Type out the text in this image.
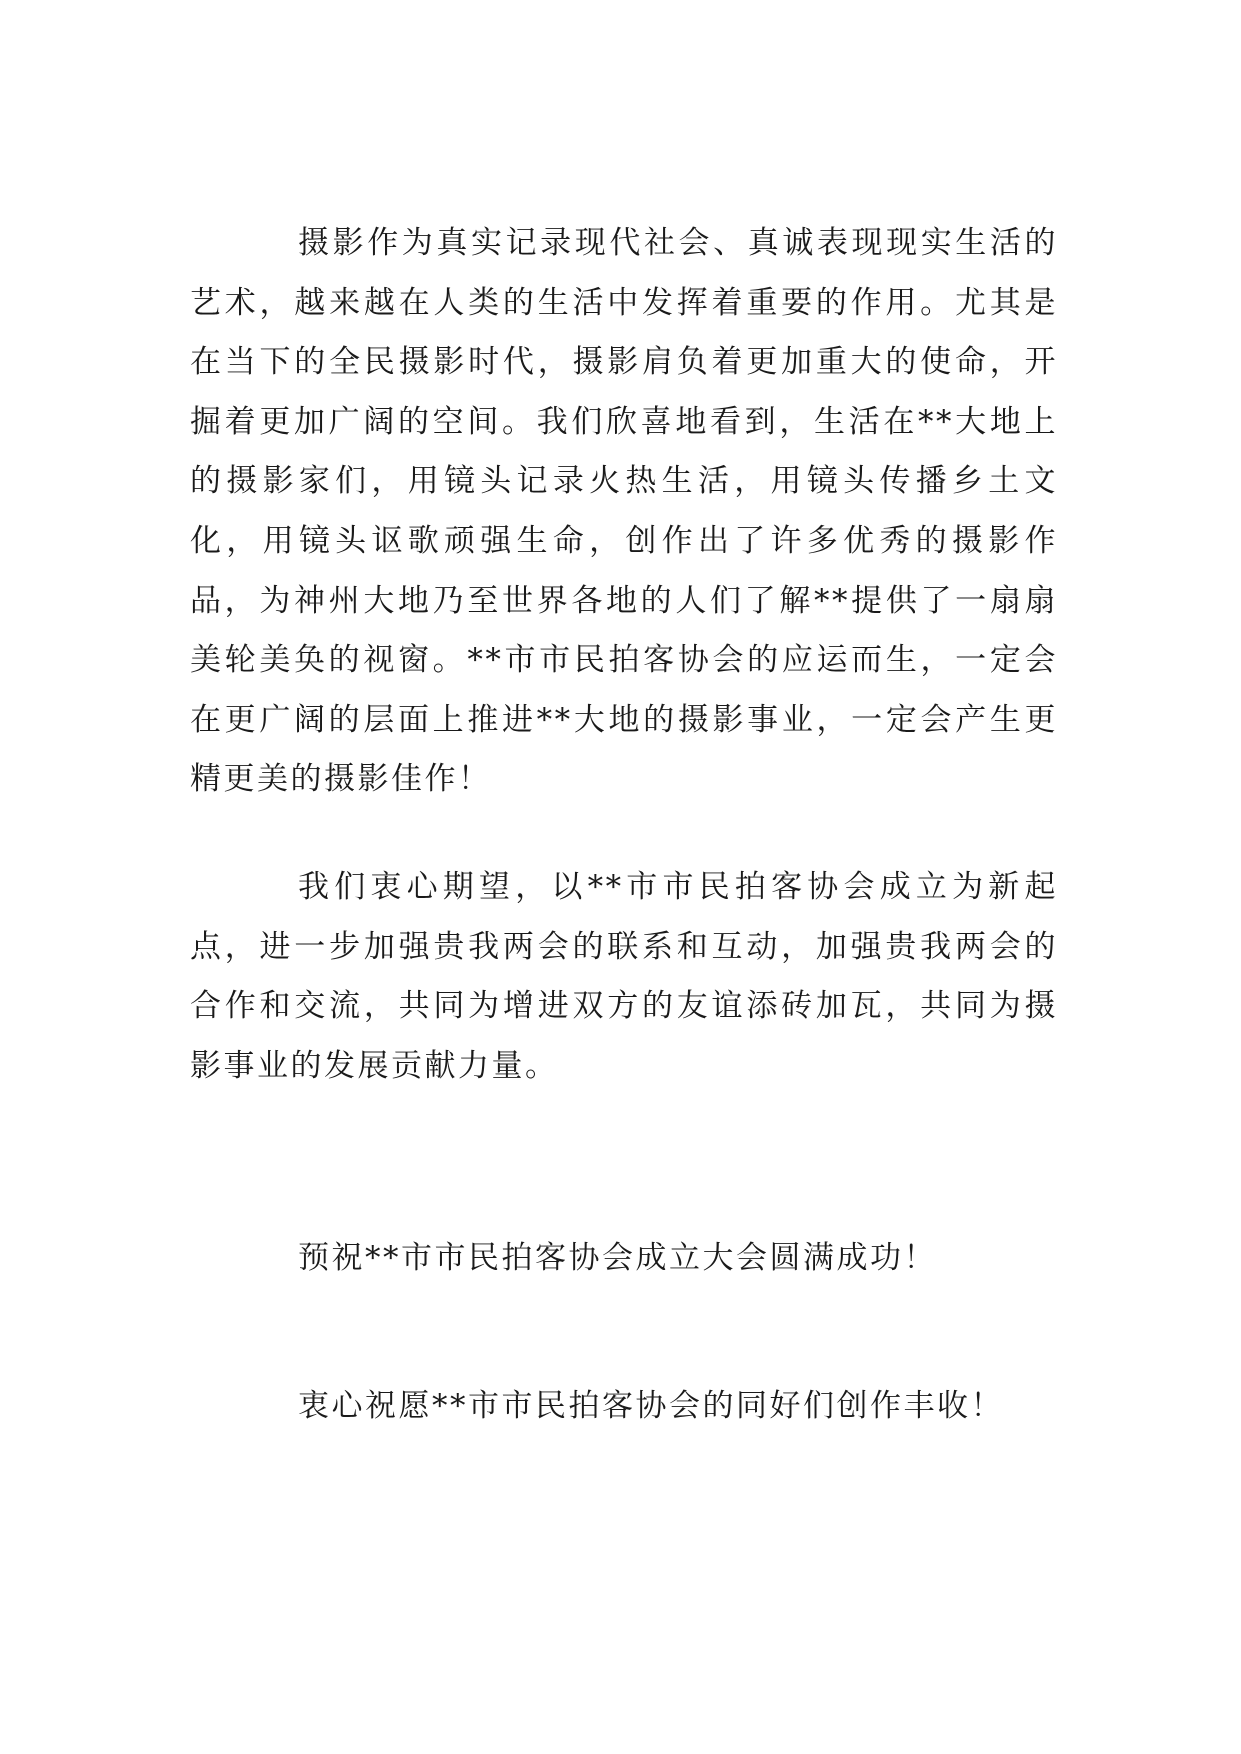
摄影作为真实记录现代社会、真诚表现现实生活的艺术，越来越在人类的生活中发挥着重要的作用。尤其是在当下的全民摄影时代，摄影肩负着更加重大的使命，开掘着更加广阔的空间。我们欣喜地看到，生活在**大地上的摄影家们，用镜头记录火热生活，用镜头传播乡土文化，用镜头讴歌顽强生命，创作出了许多优秀的摄影作品，为神州大地乃至世界各地的人们了解**提供了一扇扇美轮美奂的视窗。**市市民拍客协会的应运而生，一定会在更广阔的层面上推进**大地的摄影事业，一定会产生更精更美的摄影佳作！

我们衷心期望，以**市市民拍客协会成立为新起点，进一步加强贵我两会的联系和互动，加强贵我两会的合作和交流，共同为增进双方的友谊添砖加瓦，共同为摄影事业的发展贡献力量。

预祝**市市民拍客协会成立大会圆满成功！

衷心祝愿**市市民拍客协会的同好们创作丰收！
